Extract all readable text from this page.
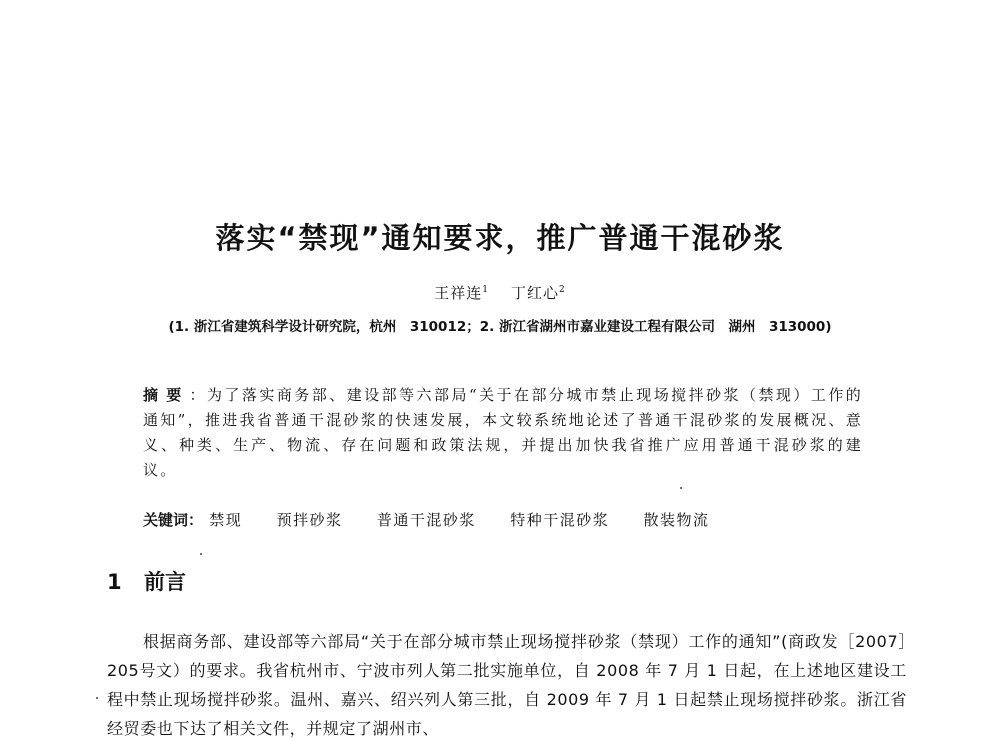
落实“禁现”通知要求，推广普通干混砂浆
王祥连$^1$ 丁红心$^2$
(1. 浙江省建筑科学设计研究院，杭州　310012；2. 浙江省湖州市嘉业建设工程有限公司　湖州　313000)
摘要：为了落实商务部、建设部等六部局“关于在部分城市禁止现场搅拌砂浆（禁现）工作的通知”，推进我省普通干混砂浆的快速发展，本文较系统地论述了普通干混砂浆的发展概况、意义、种类、生产、物流、存在问题和政策法规，并提出加快我省推广应用普通干混砂浆的建议。
关键词： 禁现 预拌砂浆 普通干混砂浆 特种干混砂浆 散装物流
1 前言

根据商务部、建设部等六部局“关于在部分城市禁止现场搅拌砂浆（禁现）工作的通知”(商政发［2007］205号文）的要求。我省杭州市、宁波市列人第二批实施单位，自 2008 年 7 月 1 日起，在上述地区建设工程中禁止现场搅拌砂浆。温州、嘉兴、绍兴列人第三批，自 2009 年 7 月 1 日起禁止现场搅拌砂浆。浙江省经贸委也下达了相关文件，并规定了湖州市、
